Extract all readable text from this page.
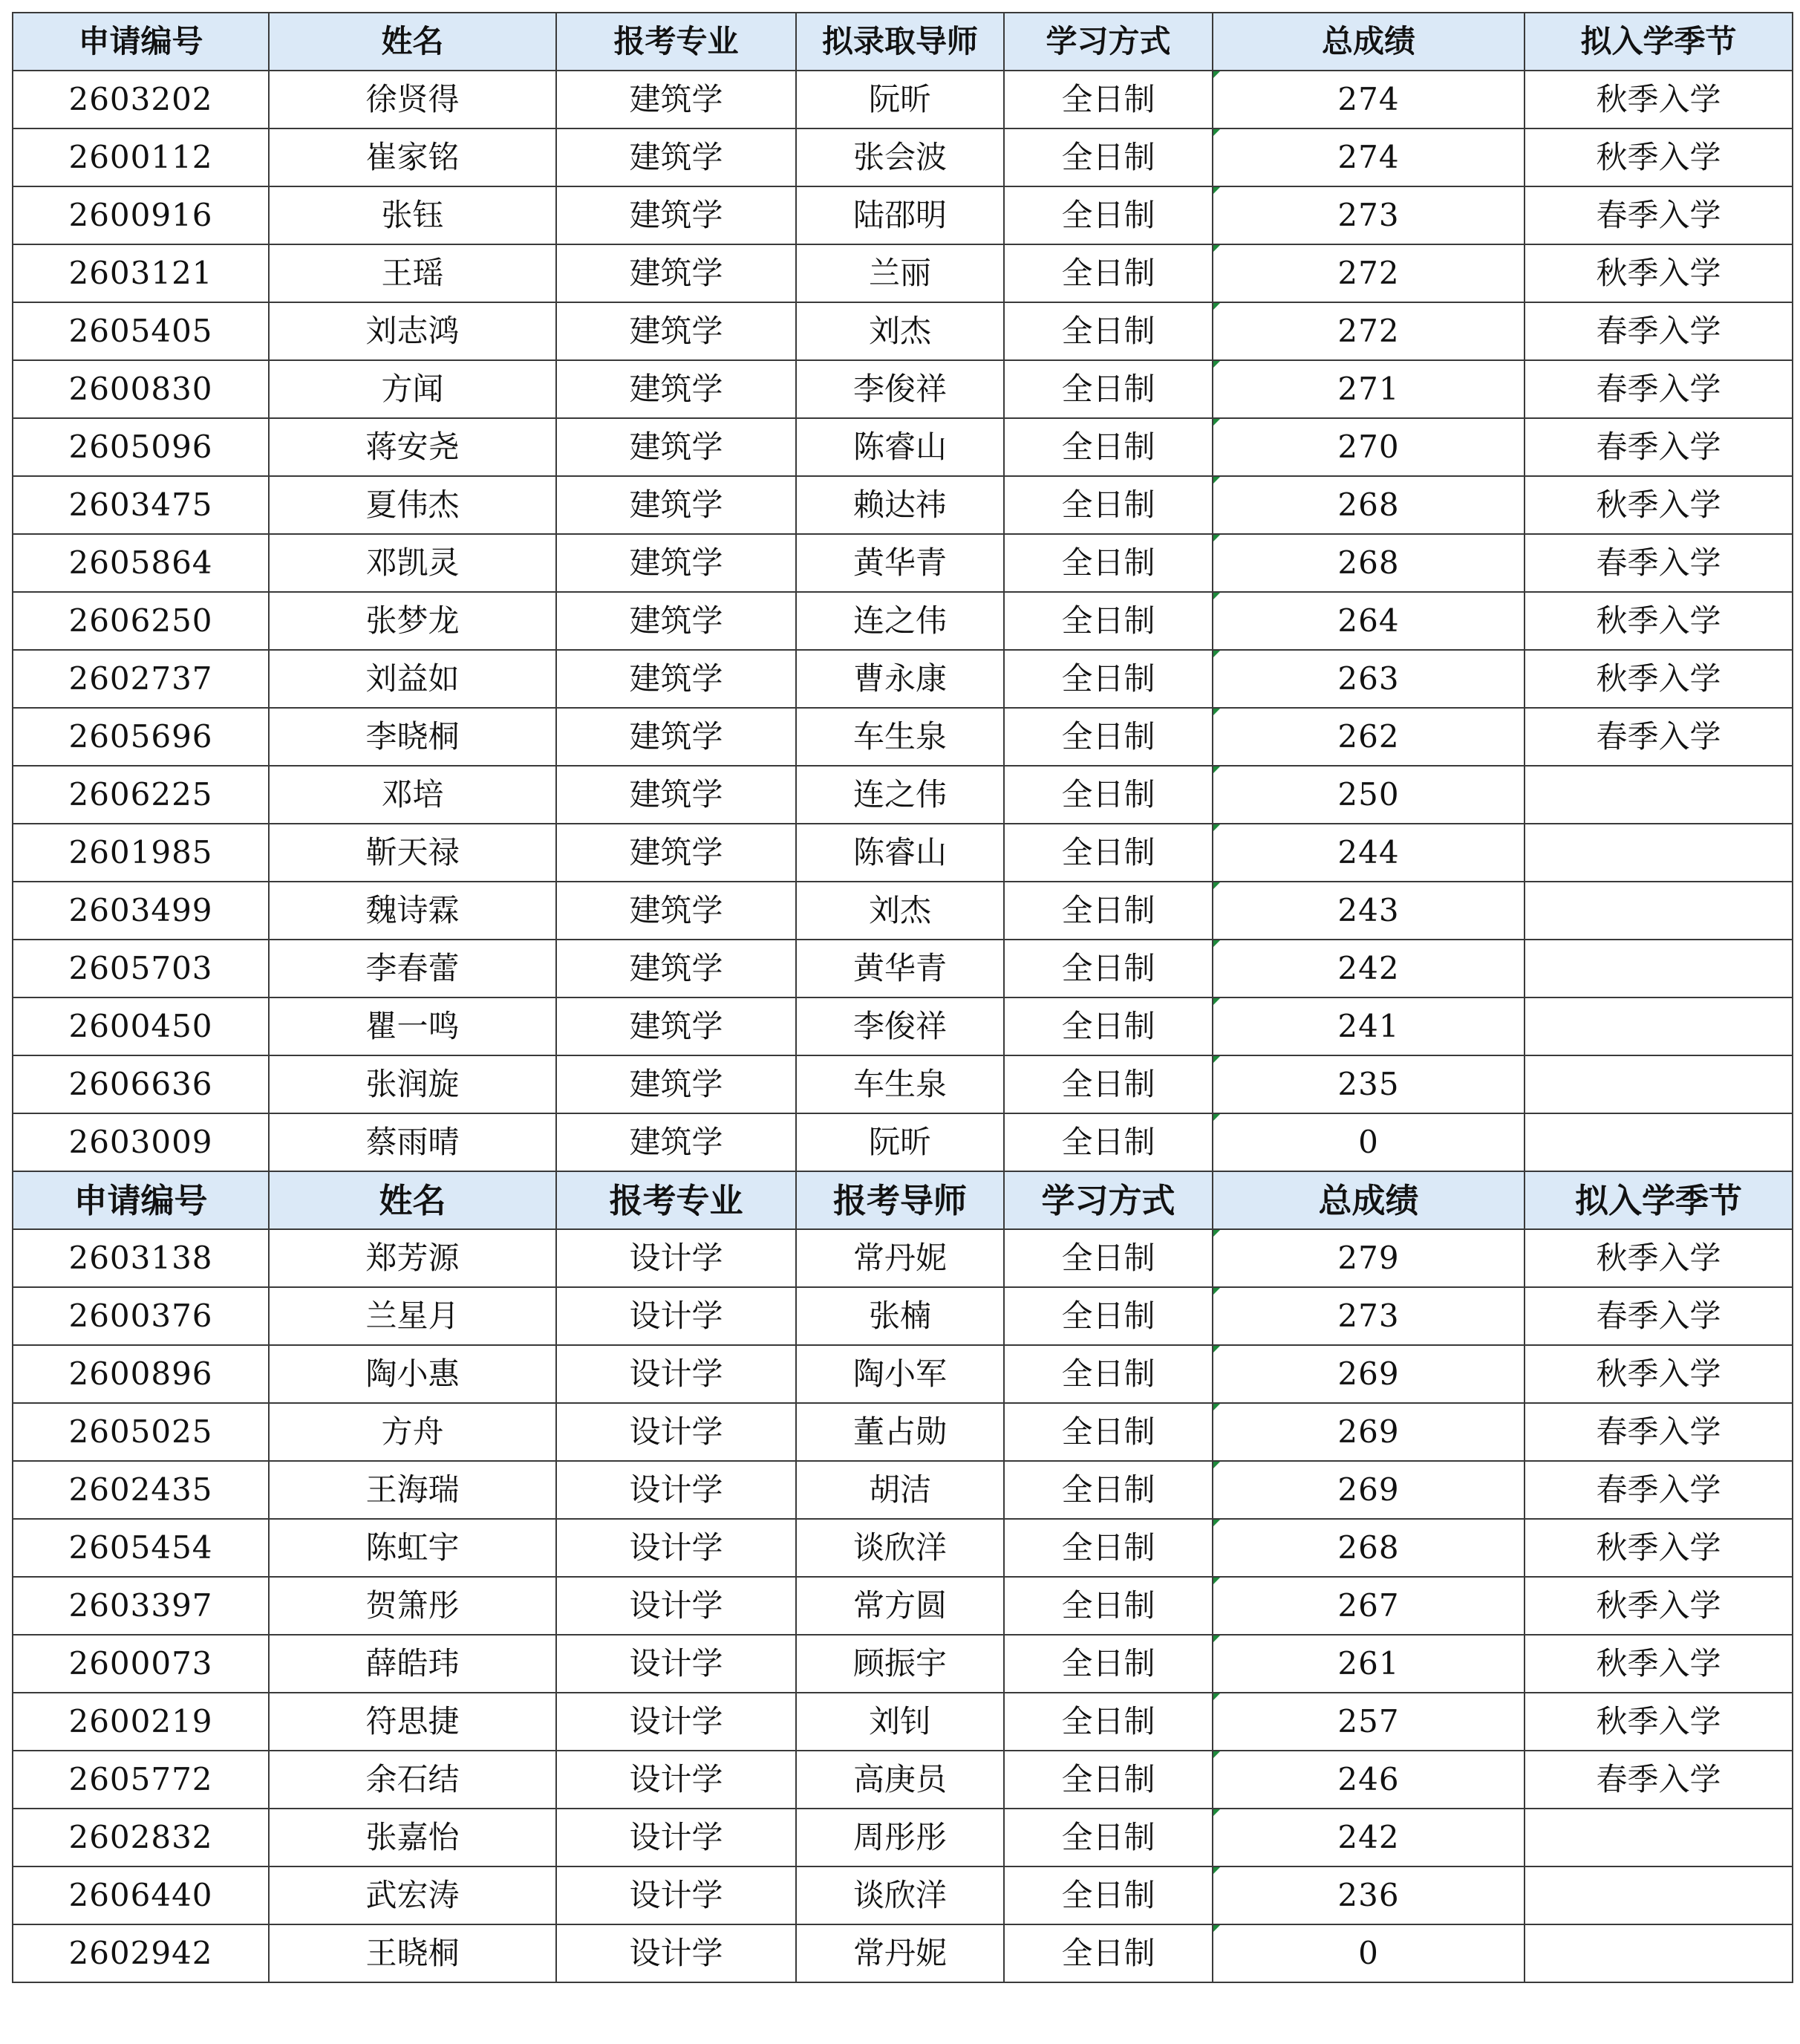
申请编号	姓名	报考专业	拟录取导师	学习方式	总成绩	拟入学季节
2603202	徐贤得	建筑学	阮昕	全日制	274	秋季入学
2600112	崔家铭	建筑学	张会波	全日制	274	秋季入学
2600916	张钰	建筑学	陆邵明	全日制	273	春季入学
2603121	王瑶	建筑学	兰丽	全日制	272	秋季入学
2605405	刘志鸿	建筑学	刘杰	全日制	272	春季入学
2600830	方闻	建筑学	李俊祥	全日制	271	春季入学
2605096	蒋安尧	建筑学	陈睿山	全日制	270	春季入学
2603475	夏伟杰	建筑学	赖达祎	全日制	268	秋季入学
2605864	邓凯灵	建筑学	黄华青	全日制	268	春季入学
2606250	张梦龙	建筑学	连之伟	全日制	264	秋季入学
2602737	刘益如	建筑学	曹永康	全日制	263	秋季入学
2605696	李晓桐	建筑学	车生泉	全日制	262	春季入学
2606225	邓培	建筑学	连之伟	全日制	250	
2601985	靳天禄	建筑学	陈睿山	全日制	244	
2603499	魏诗霖	建筑学	刘杰	全日制	243	
2605703	李春蕾	建筑学	黄华青	全日制	242	
2600450	瞿一鸣	建筑学	李俊祥	全日制	241	
2606636	张润旋	建筑学	车生泉	全日制	235	
2603009	蔡雨晴	建筑学	阮昕	全日制	0	
申请编号	姓名	报考专业	报考导师	学习方式	总成绩	拟入学季节
2603138	郑芳源	设计学	常丹妮	全日制	279	秋季入学
2600376	兰星月	设计学	张楠	全日制	273	春季入学
2600896	陶小惠	设计学	陶小军	全日制	269	秋季入学
2605025	方舟	设计学	董占勋	全日制	269	春季入学
2602435	王海瑞	设计学	胡洁	全日制	269	春季入学
2605454	陈虹宇	设计学	谈欣洋	全日制	268	秋季入学
2603397	贺箫彤	设计学	常方圆	全日制	267	秋季入学
2600073	薛皓玮	设计学	顾振宇	全日制	261	秋季入学
2600219	符思捷	设计学	刘钊	全日制	257	秋季入学
2605772	余石结	设计学	高庚员	全日制	246	春季入学
2602832	张嘉怡	设计学	周彤彤	全日制	242	
2606440	武宏涛	设计学	谈欣洋	全日制	236	
2602942	王晓桐	设计学	常丹妮	全日制	0	
